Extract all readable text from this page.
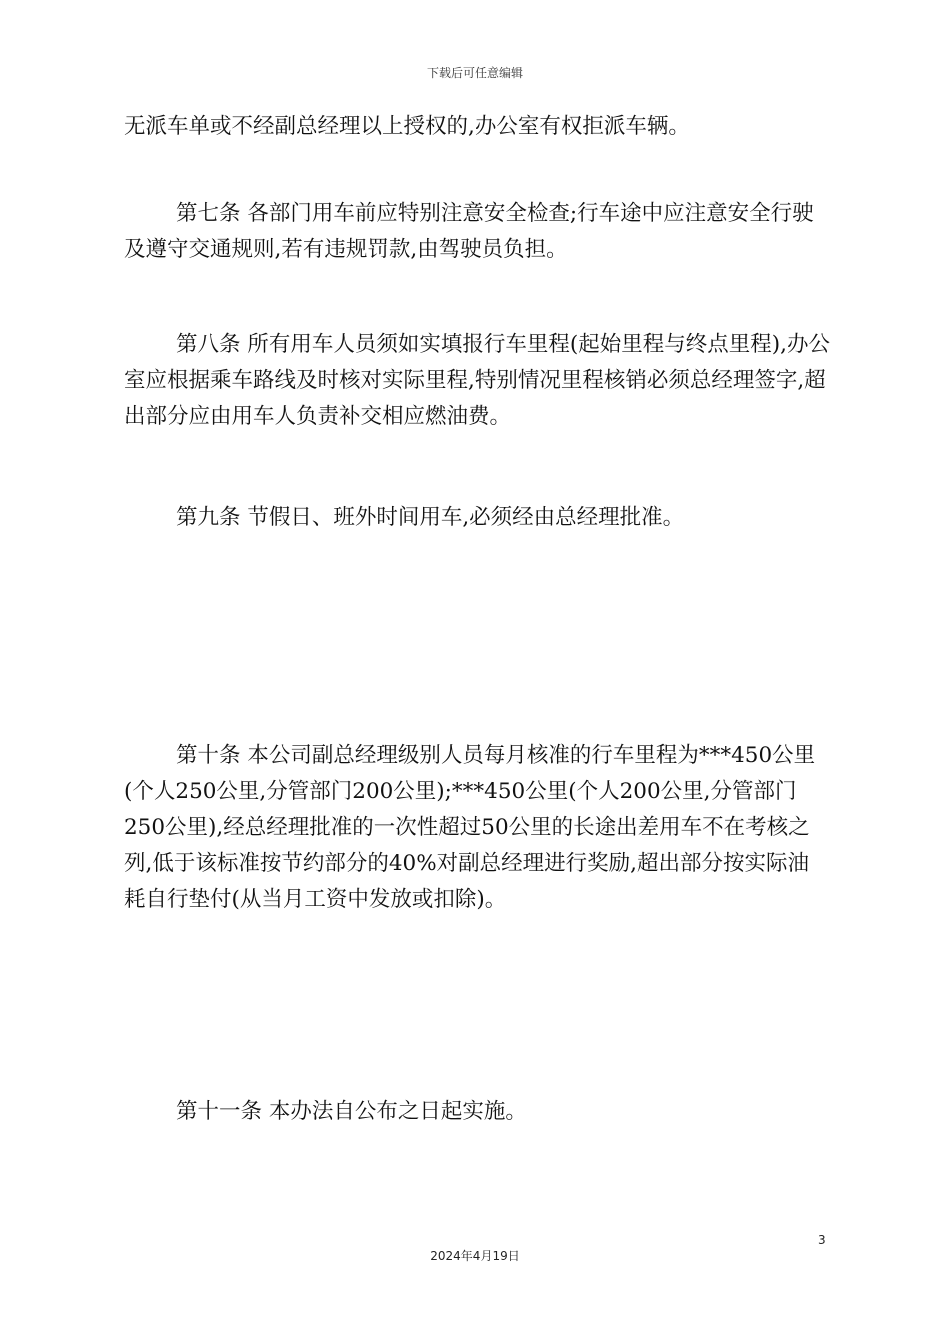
下载后可任意编辑

无派车单或不经副总经理以上授权的,办公室有权拒派车辆。

第七条 各部门用车前应特别注意安全检查;行车途中应注意安全行驶及遵守交通规则,若有违规罚款,由驾驶员负担。

第八条 所有用车人员须如实填报行车里程(起始里程与终点里程),办公室应根据乘车路线及时核对实际里程,特别情况里程核销必须总经理签字,超出部分应由用车人负责补交相应燃油费。

第九条 节假日、班外时间用车,必须经由总经理批准。

第十条 本公司副总经理级别人员每月核准的行车里程为***450公里(个人250公里,分管部门200公里);***450公里(个人200公里,分管部门250公里),经总经理批准的一次性超过50公里的长途出差用车不在考核之列,低于该标准按节约部分的40%对副总经理进行奖励,超出部分按实际油耗自行垫付(从当月工资中发放或扣除)。

第十一条 本办法自公布之日起实施。

3
2024年4月19日
